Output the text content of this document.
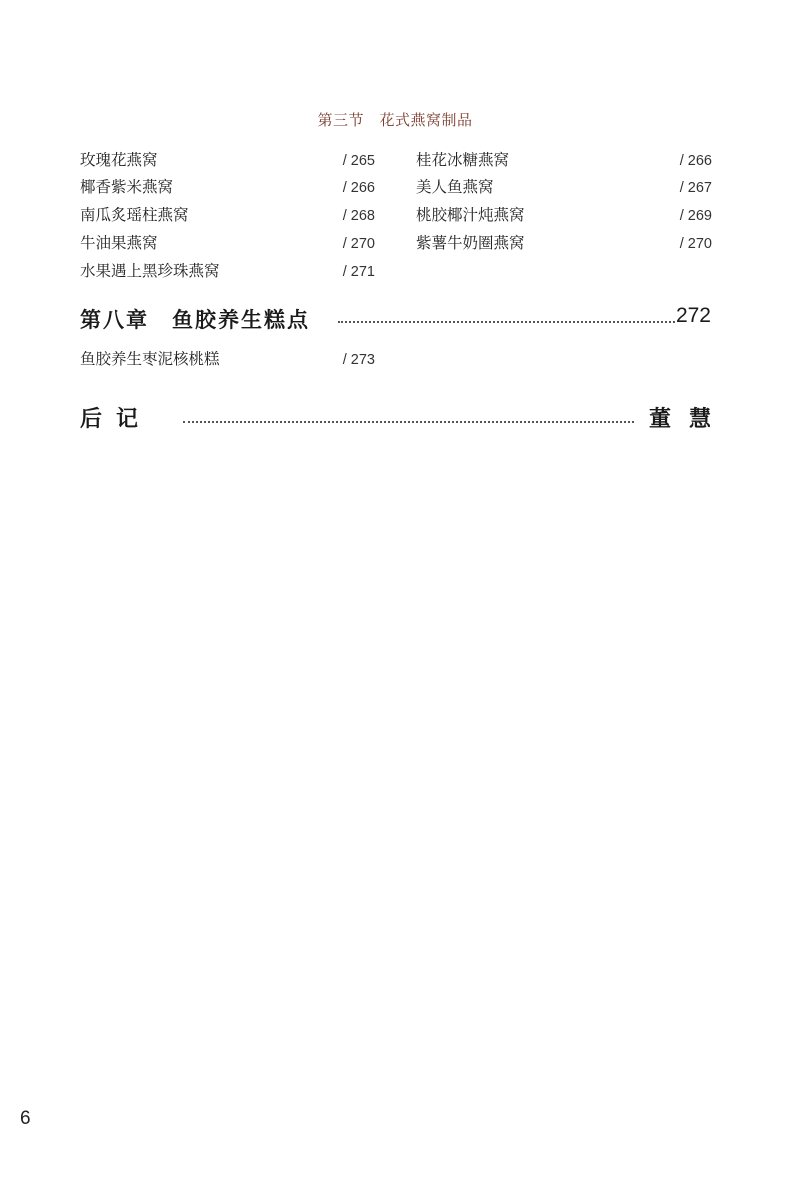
第三节　花式燕窝制品
玫瑰花燕窝	/ 265
椰香紫米燕窝	/ 266
南瓜炙瑶柱燕窝	/ 268
牛油果燕窝	/ 270
水果遇上黑珍珠燕窝	/ 271
桂花冰糖燕窝	/ 266
美人鱼燕窝	/ 267
桃胶椰汁炖燕窝	/ 269
紫薯牛奶圈燕窝	/ 270
第八章　鱼胶养生糕点	272
鱼胶养生枣泥核桃糕	/ 273
后记	董慧
6
